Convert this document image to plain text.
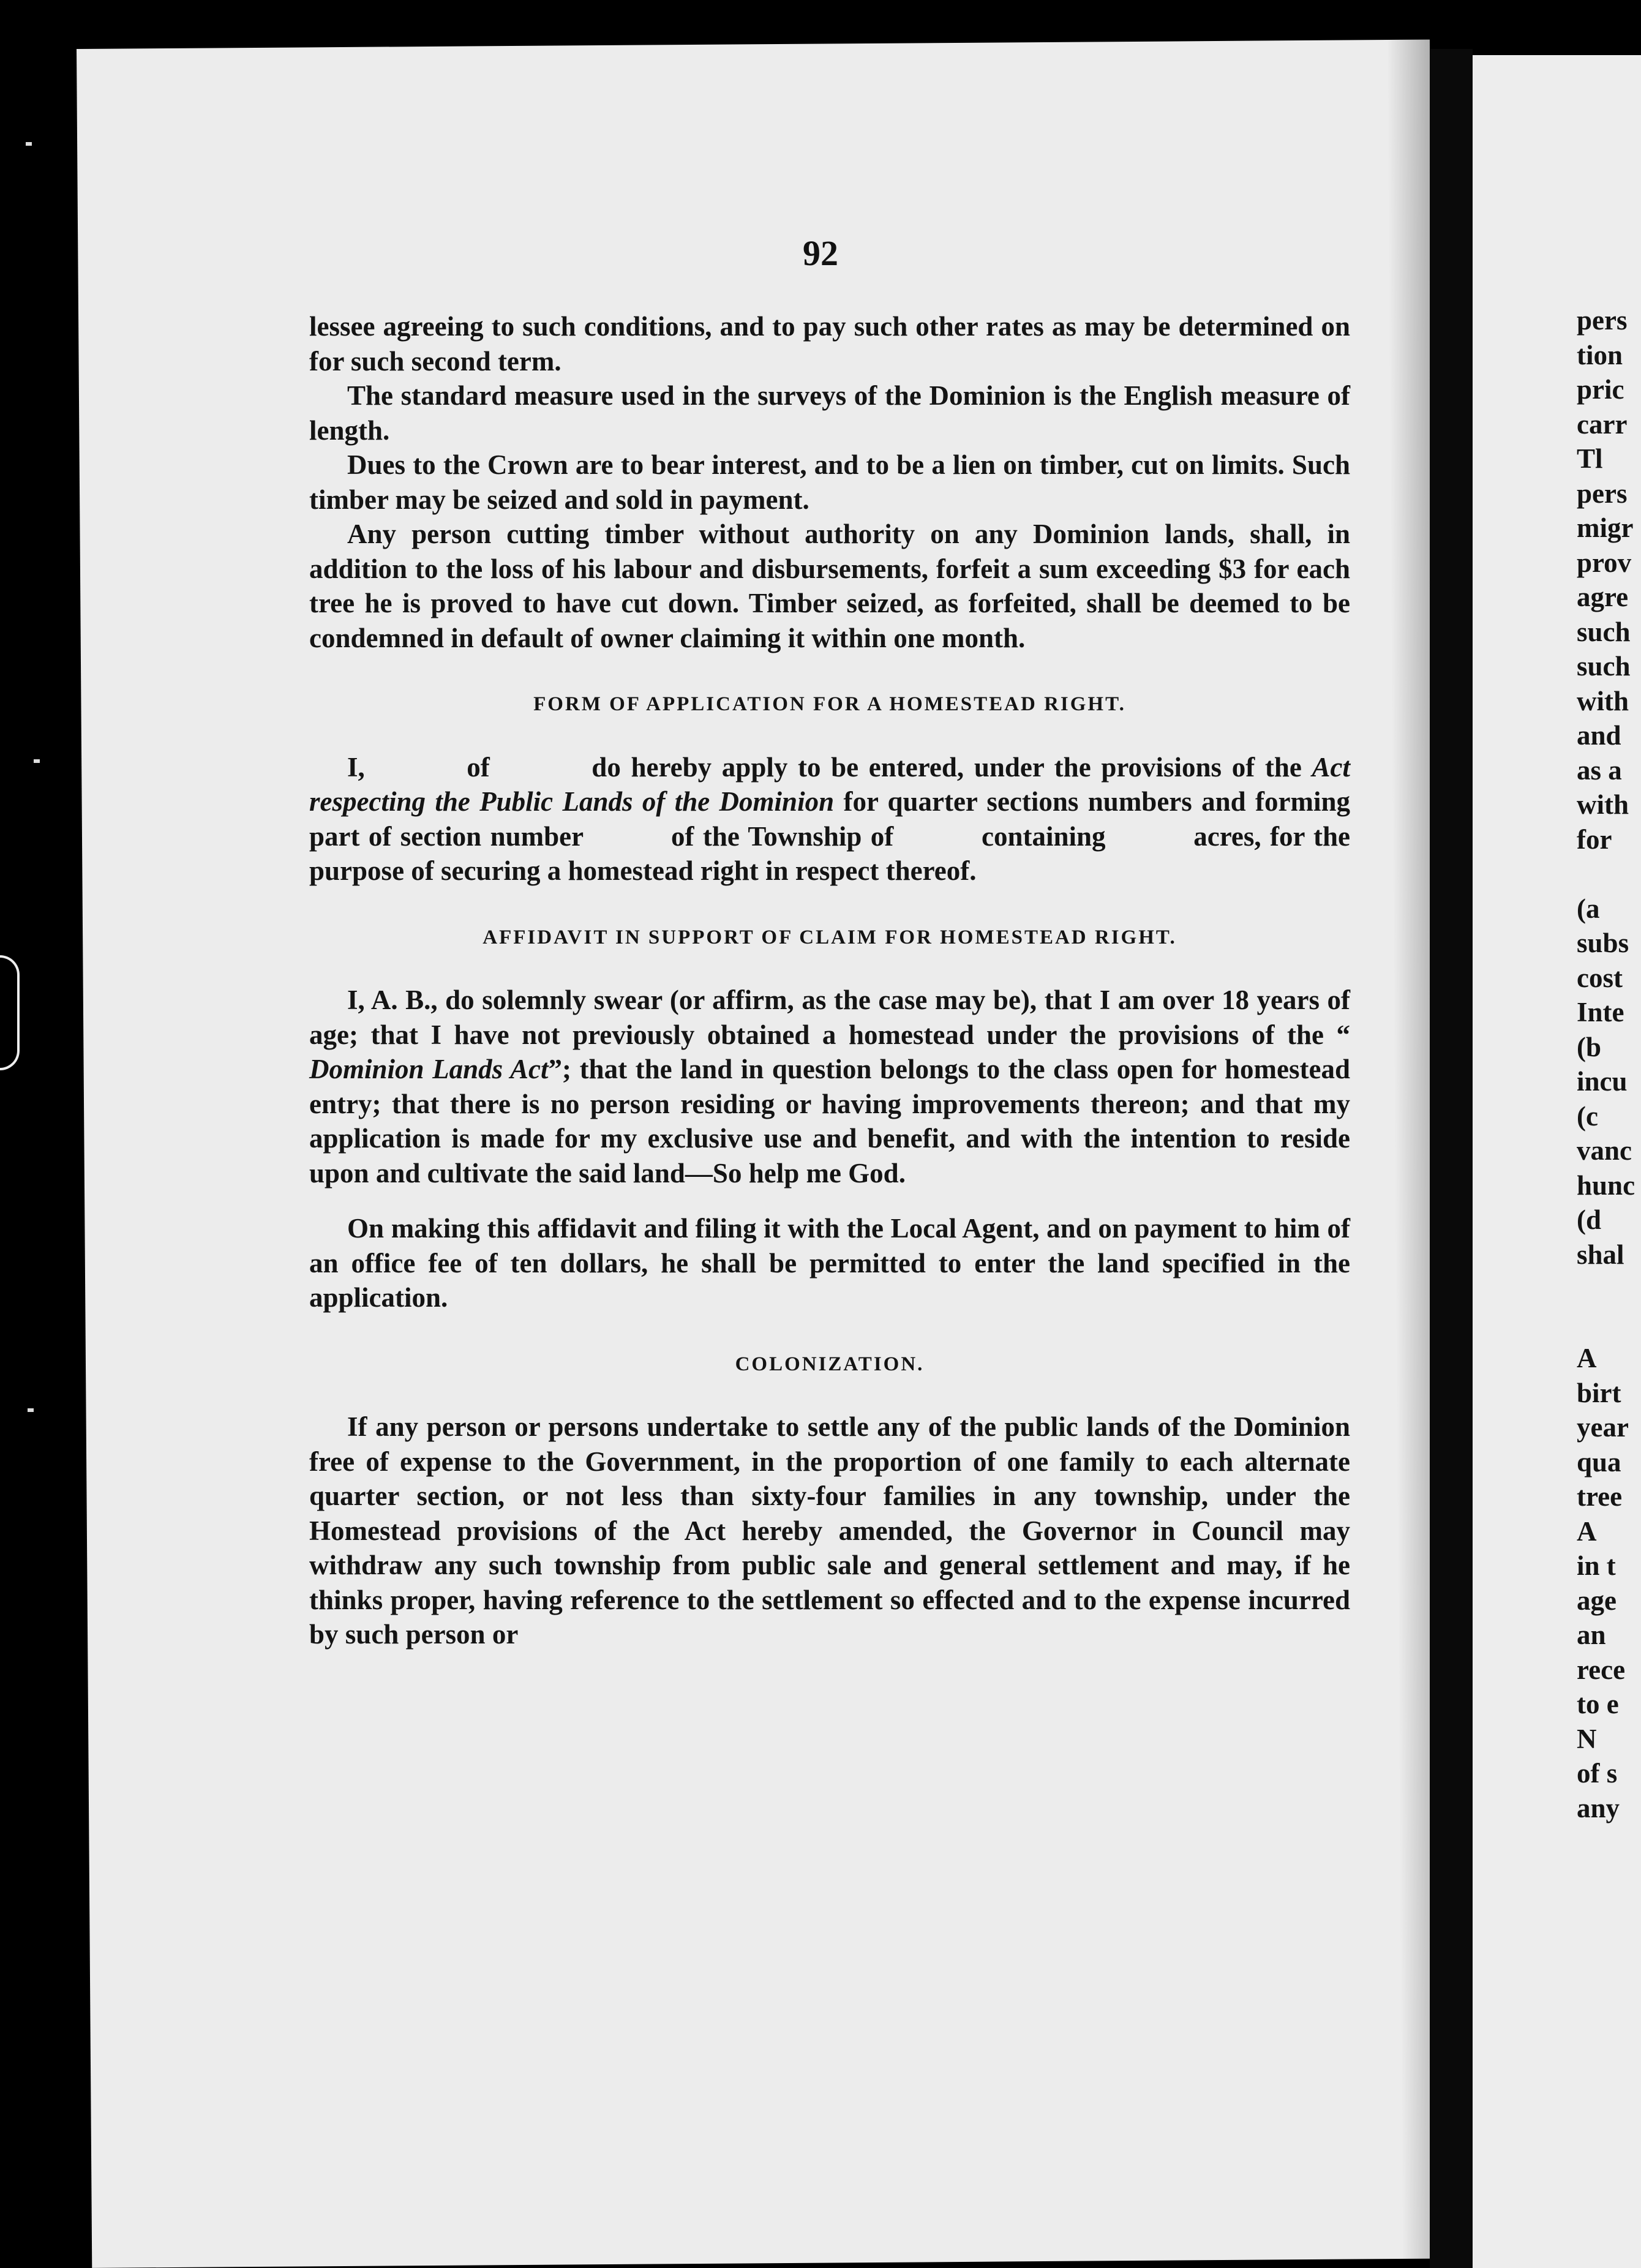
92

lessee agreeing to such conditions, and to pay such other rates as may be determined on for such second term.

The standard measure used in the surveys of the Dominion is the English measure of length.

Dues to the Crown are to bear interest, and to be a lien on timber, cut on limits. Such timber may be seized and sold in payment.

Any person cutting timber without authority on any Dominion lands, shall, in addition to the loss of his labour and disbursements, forfeit a sum exceeding $3 for each tree he is proved to have cut down. Timber seized, as forfeited, shall be deemed to be condemned in default of owner claiming it within one month.

FORM OF APPLICATION FOR A HOMESTEAD RIGHT.

I,          of          do hereby apply to be entered, under the provisions of the Act respecting the Public Lands of the Dominion for quarter sections numbers and forming part of section number          of the Township of          containing          acres, for the purpose of securing a homestead right in respect thereof.

AFFIDAVIT IN SUPPORT OF CLAIM FOR HOMESTEAD RIGHT.

I, A. B., do solemnly swear (or affirm, as the case may be), that I am over 18 years of age; that I have not previously obtained a homestead under the provisions of the “ Dominion Lands Act”; that the land in question belongs to the class open for homestead entry; that there is no person residing or having improvements thereon; and that my application is made for my exclusive use and benefit, and with the intention to reside upon and cultivate the said land—So help me God.

On making this affidavit and filing it with the Local Agent, and on payment to him of an office fee of ten dollars, he shall be permitted to enter the land specified in the application.

COLONIZATION.

If any person or persons undertake to settle any of the public lands of the Dominion free of expense to the Government, in the proportion of one family to each alternate quarter section, or not less than sixty-four families in any township, under the Homestead provisions of the Act hereby amended, the Governor in Council may withdraw any such township from public sale and general settlement and may, if he thinks proper, having reference to the settlement so effected and to the expense incurred by such person or

pers
tion
pric
carr
Tl
pers
migr
prov
agre
such
such
with
and
as a
with
for
(a
subs
cost
Inte
(b
incu
(c
vanc
hunc
(d
shal
A
birt
year
qua
tree
A
in t
age
an
rece
to e
N
of s
any
